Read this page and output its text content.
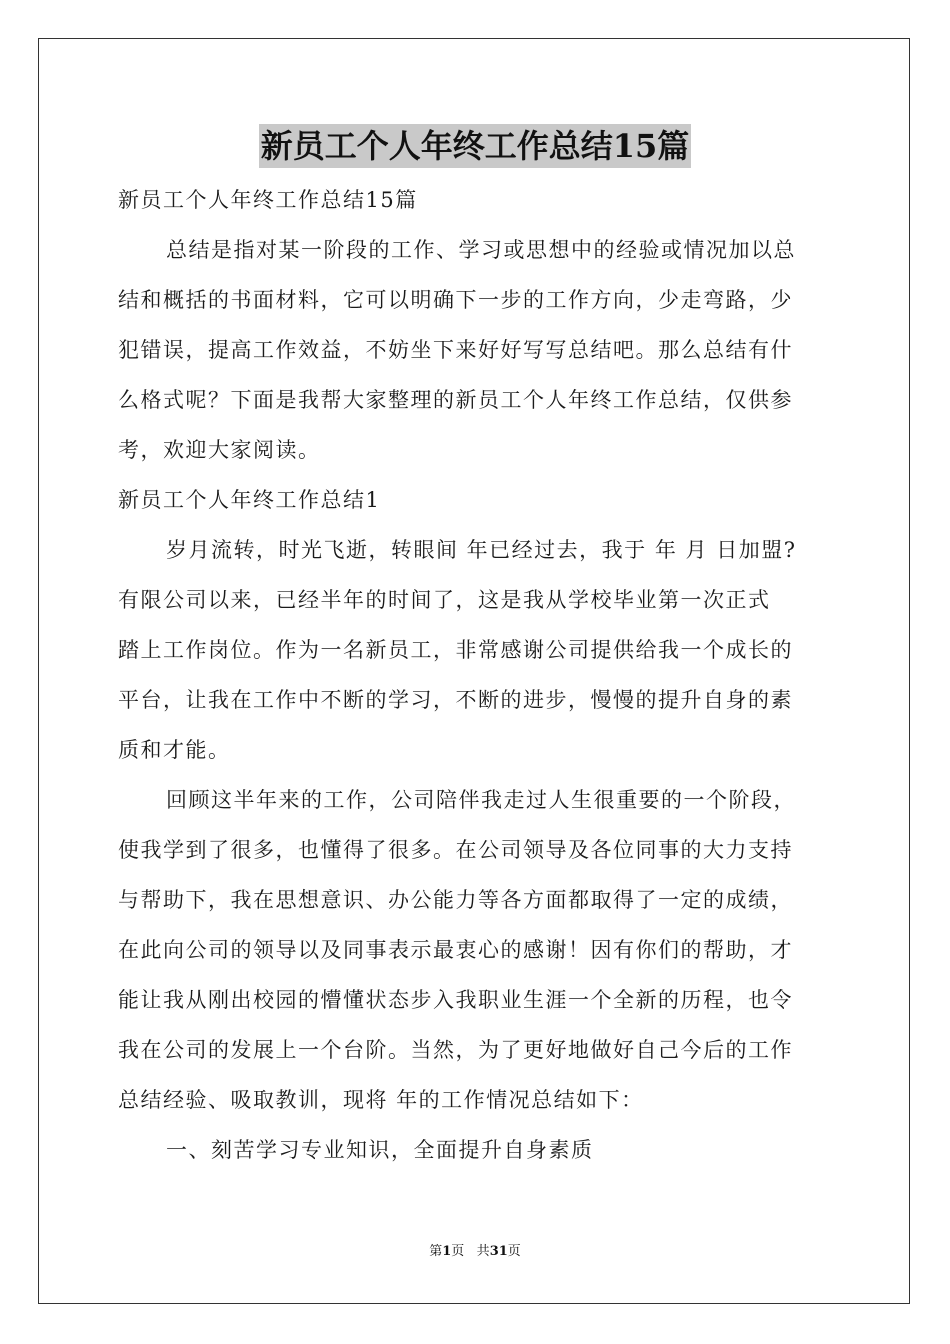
新员工个人年终工作总结15篇
新员工个人年终工作总结15篇
总结是指对某一阶段的工作、学习或思想中的经验或情况加以总
结和概括的书面材料，它可以明确下一步的工作方向，少走弯路，少
犯错误，提高工作效益，不妨坐下来好好写写总结吧。那么总结有什
么格式呢？下面是我帮大家整理的新员工个人年终工作总结，仅供参
考，欢迎大家阅读。
新员工个人年终工作总结1
岁月流转，时光飞逝，转眼间 年已经过去，我于 年 月 日加盟?
有限公司以来，已经半年的时间了，这是我从学校毕业第一次正式
踏上工作岗位。作为一名新员工，非常感谢公司提供给我一个成长的
平台，让我在工作中不断的学习，不断的进步，慢慢的提升自身的素
质和才能。
回顾这半年来的工作，公司陪伴我走过人生很重要的一个阶段，
使我学到了很多，也懂得了很多。在公司领导及各位同事的大力支持
与帮助下，我在思想意识、办公能力等各方面都取得了一定的成绩，
在此向公司的领导以及同事表示最衷心的感谢！因有你们的帮助，才
能让我从刚出校园的懵懂状态步入我职业生涯一个全新的历程，也令
我在公司的发展上一个台阶。当然，为了更好地做好自己今后的工作
总结经验、吸取教训，现将 年的工作情况总结如下：
一、刻苦学习专业知识，全面提升自身素质
第1页 共31页
